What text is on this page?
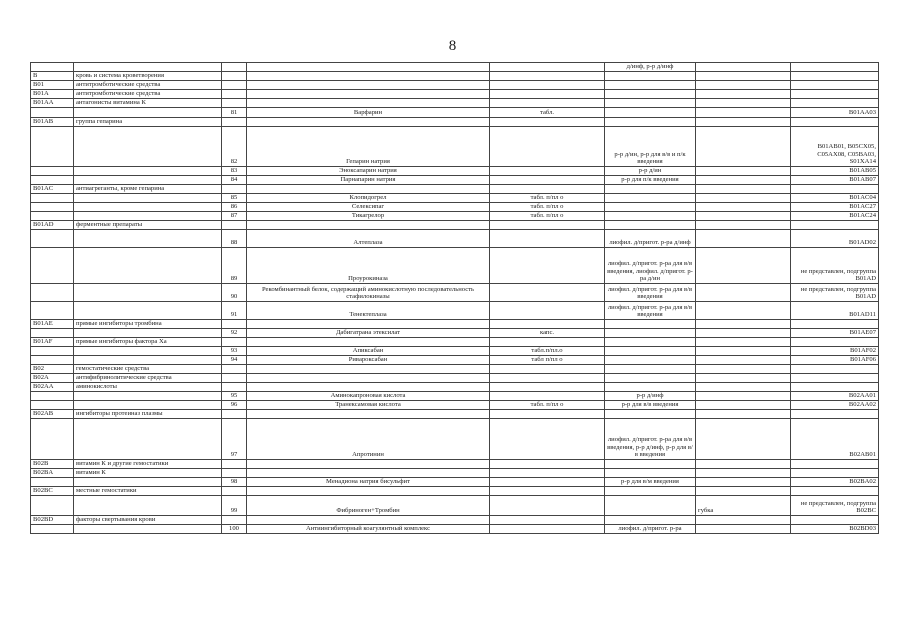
8
					д/инф, р-р д/инф		
B	кровь и система кроветворения						
B01	антитромботические средства						
B01A	антитромботические средства						
B01AA	антагонисты витамина К						
		81	Варфарин	табл.			B01AA03
B01AB	группа гепарина						
		82	Гепарин натрия		р-р д/ин, р-р для в/в и п/к введения		B01AB01, B05CX05, C05AX08, C05BA03, S01XA14
		83	Эноксапарин натрия		р-р д/ин		B01AB05
		84	Парнапарин натрия		р-р для п/к введения		B01AB07
B01AC	антиагреганты, кроме гепарина						
		85	Клопидогрел	табл. п/пл о			B01AC04
		86	Селексипаг	табл. п/пл о			B01AC27
		87	Тикагрелор	табл. п/пл о			B01AC24
B01AD	ферментные препараты						
		88	Алтеплаза		лиофил. д/пригот. р-ра д/инф		B01AD02
		89	Проурокиназа		лиофил. д/пригот. р-ра для в/в введения, лиофил. д/пригот. р-ра д/ин		не представлен, подгруппа B01AD
		90	Рекомбинантный белок, содержащий аминокислотную последовательность стафилокиназы		лиофил. д/пригот. р-ра для в/в введения		не представлен, подгруппа B01AD
		91	Тенектеплаза		лиофил. д/пригот. р-ра для в/в введения		B01AD11
B01AE	прямые ингибиторы тромбина						
		92	Дабигатрана этексилат	капс.			B01AE07
B01AF	прямые ингибиторы фактора Xa						
		93	Апиксабан	табл.п/пл.о			B01AF02
		94	Ривароксабан	табл п/пл о			B01AF06
B02	гемостатические средства						
B02A	антифибринолитические средства						
B02AA	аминокислоты						
		95	Аминокапроновая кислота		р-р д/инф		B02AA01
		96	Транексамовая кислота	табл. п/пл о	р-р для в/в введения		B02AA02
B02AB	ингибиторы протеиназ плазмы						
		97	Апротинин		лиофил. д/пригот. р-ра для в/в введения, р-р д/инф, р-р для в/в введения		B02AB01
B02B	витамин К и другие гемостатики						
B02BA	витамин К						
		98	Менадиона натрия бисульфит		р-р для в/м введения		B02BA02
B02BC	местные гемостатики						
		99	Фибриноген+Тромбин			губка	не представлен, подгруппа B02BC
B02BD	факторы свертывания крови						
		100	Антиингибиторный коагулянтный комплекс		лиофил. д/пригот. р-ра		B02BD03
